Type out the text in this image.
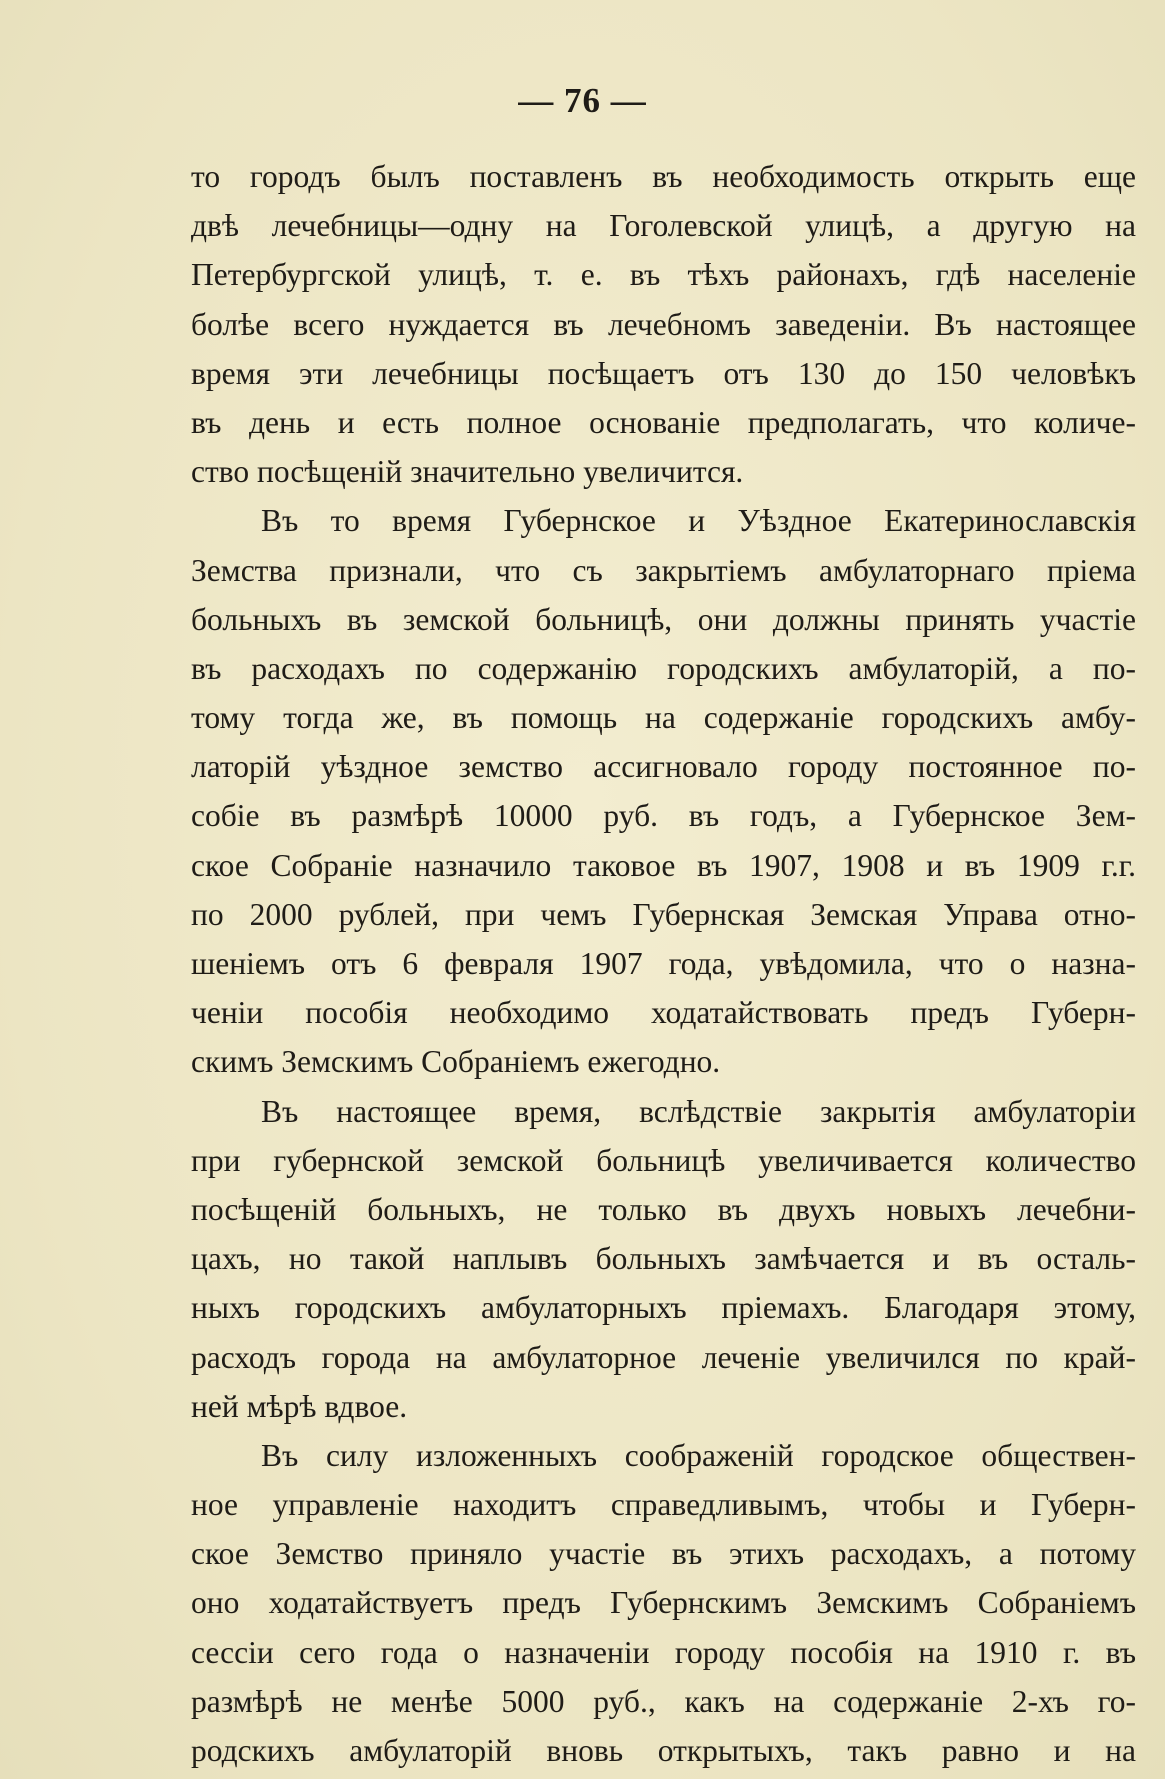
— 76 —
то городъ былъ поставленъ въ необходимость открыть еще
двѣ лечебницы—одну на Гоголевской улицѣ, а другую на
Петербургской улицѣ, т. е. въ тѣхъ районахъ, гдѣ населеніе
болѣе всего нуждается въ лечебномъ заведеніи. Въ настоящее
время эти лечебницы посѣщаетъ отъ 130 до 150 человѣкъ
въ день и есть полное основаніе предполагать, что количе-
ство посѣщеній значительно увеличится.
Въ то время Губернское и Уѣздное Екатеринославскія
Земства признали, что съ закрытіемъ амбулаторнаго пріема
больныхъ въ земской больницѣ, они должны принять участіе
въ расходахъ по содержанію городскихъ амбулаторій, а по-
тому тогда же, въ помощь на содержаніе городскихъ амбу-
латорій уѣздное земство ассигновало городу постоянное по-
собіе въ размѣрѣ 10000 руб. въ годъ, а Губернское Зем-
ское Собраніе назначило таковое въ 1907, 1908 и въ 1909 г.г.
по 2000 рублей, при чемъ Губернская Земская Управа отно-
шеніемъ отъ 6 февраля 1907 года, увѣдомила, что о назна-
ченіи пособія необходимо ходатайствовать предъ Губерн-
скимъ Земскимъ Собраніемъ ежегодно.
Въ настоящее время, вслѣдствіе закрытія амбулаторіи
при губернской земской больницѣ увеличивается количество
посѣщеній больныхъ, не только въ двухъ новыхъ лечебни-
цахъ, но такой наплывъ больныхъ замѣчается и въ осталь-
ныхъ городскихъ амбулаторныхъ пріемахъ. Благодаря этому,
расходъ города на амбулаторное леченіе увеличился по край-
ней мѣрѣ вдвое.
Въ силу изложенныхъ соображеній городское обществен-
ное управленіе находитъ справедливымъ, чтобы и Губерн-
ское Земство приняло участіе въ этихъ расходахъ, а потому
оно ходатайствуетъ предъ Губернскимъ Земскимъ Собраніемъ
сессіи сего года о назначеніи городу пособія на 1910 г. въ
размѣрѣ не менѣе 5000 руб., какъ на содержаніе 2-хъ го-
родскихъ амбулаторій вновь открытыхъ, такъ равно и на
